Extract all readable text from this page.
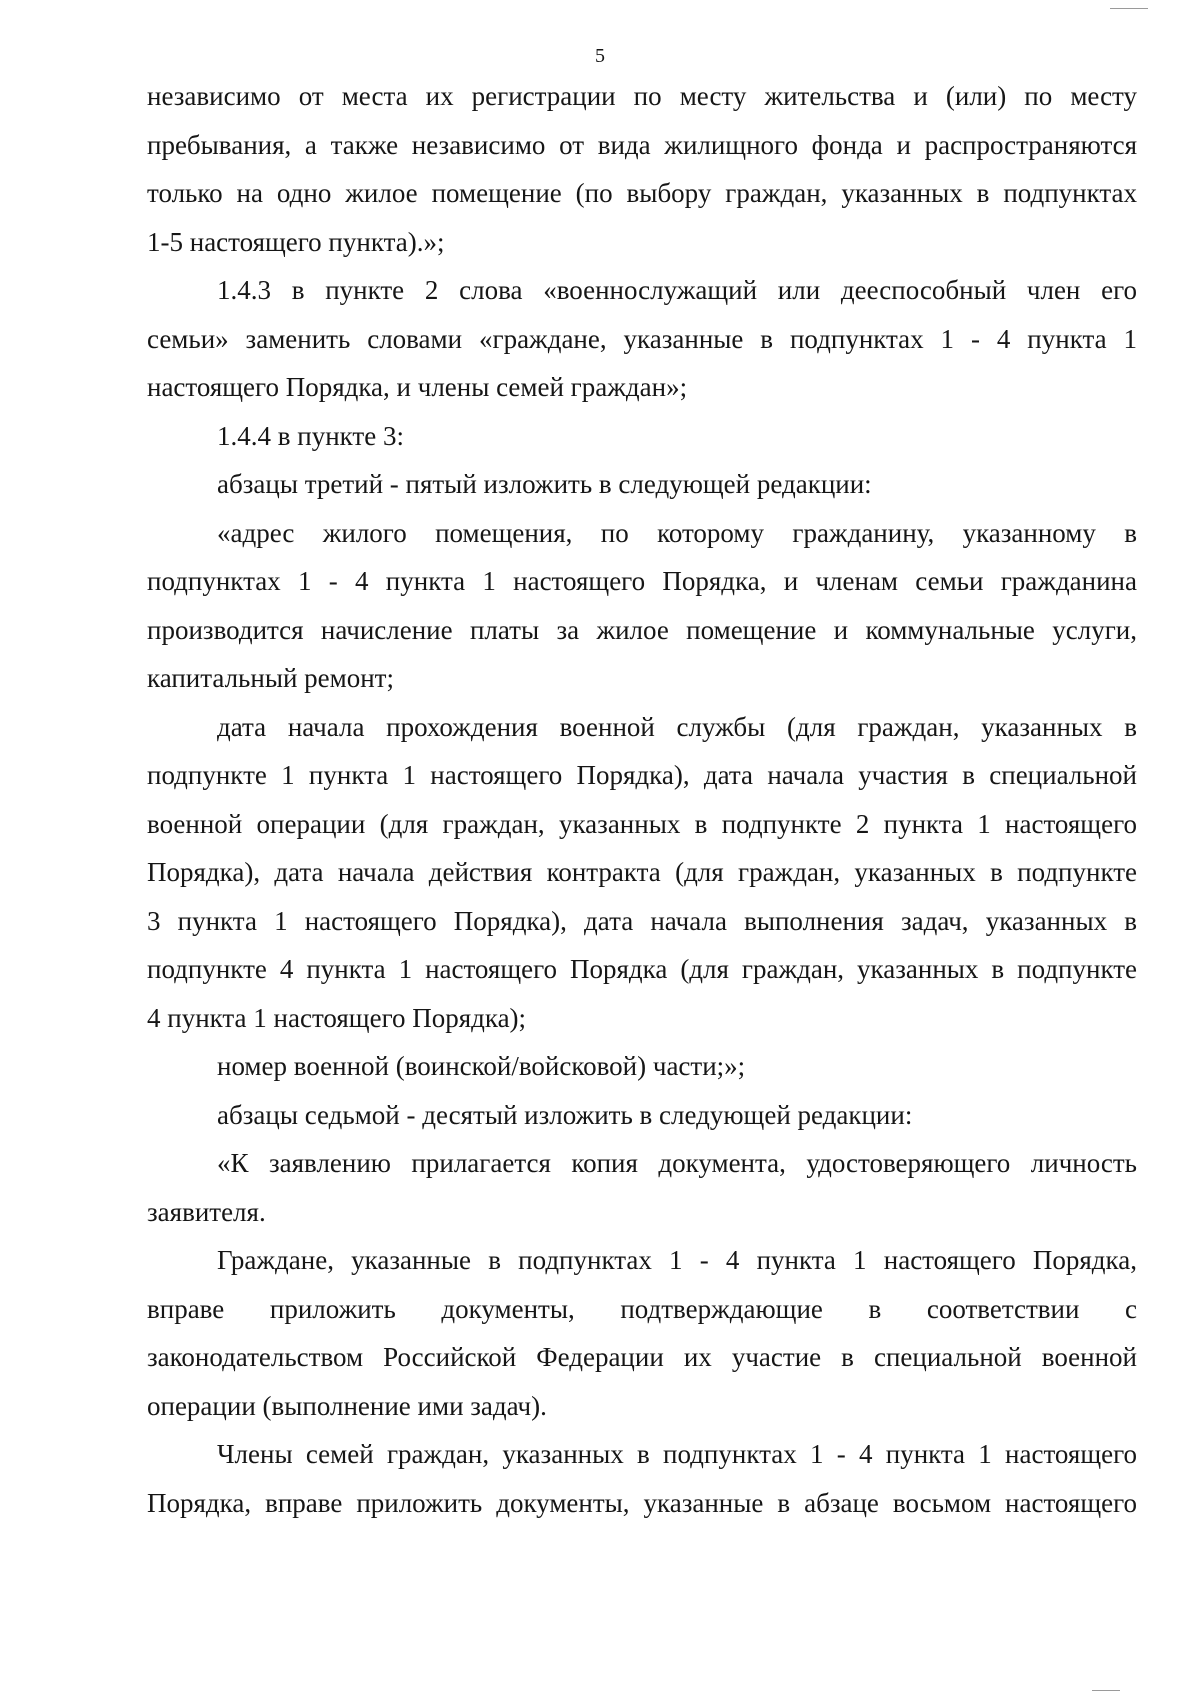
5

независимо от места их регистрации по месту жительства и (или) по месту

пребывания, а также независимо от вида жилищного фонда и распространяются

только на одно жилое помещение (по выбору граждан, указанных в подпунктах

1-5 настоящего пункта).»;

1.4.3 в пункте 2 слова «военнослужащий или дееспособный член его

семьи» заменить словами «граждане, указанные в подпунктах 1 - 4 пункта 1

настоящего Порядка, и члены семей граждан»;

1.4.4 в пункте 3:

абзацы третий - пятый изложить в следующей редакции:

«адрес жилого помещения, по которому гражданину, указанному в

подпунктах 1 - 4 пункта 1 настоящего Порядка, и членам семьи гражданина

производится начисление платы за жилое помещение и коммунальные услуги,

капитальный ремонт;

дата начала прохождения военной службы (для граждан, указанных в

подпункте 1 пункта 1 настоящего Порядка), дата начала участия в специальной

военной операции (для граждан, указанных в подпункте 2 пункта 1 настоящего

Порядка), дата начала действия контракта (для граждан, указанных в подпункте

3 пункта 1 настоящего Порядка), дата начала выполнения задач, указанных в

подпункте 4 пункта 1 настоящего Порядка (для граждан, указанных в подпункте

4 пункта 1 настоящего Порядка);

номер военной (воинской/войсковой) части;»;

абзацы седьмой - десятый изложить в следующей редакции:

«К заявлению прилагается копия документа, удостоверяющего личность

заявителя.

Граждане, указанные в подпунктах 1 - 4 пункта 1 настоящего Порядка,

вправе приложить документы, подтверждающие в соответствии с

законодательством Российской Федерации их участие в специальной военной

операции (выполнение ими задач).

Члены семей граждан, указанных в подпунктах 1 - 4 пункта 1 настоящего

Порядка, вправе приложить документы, указанные в абзаце восьмом настоящего
